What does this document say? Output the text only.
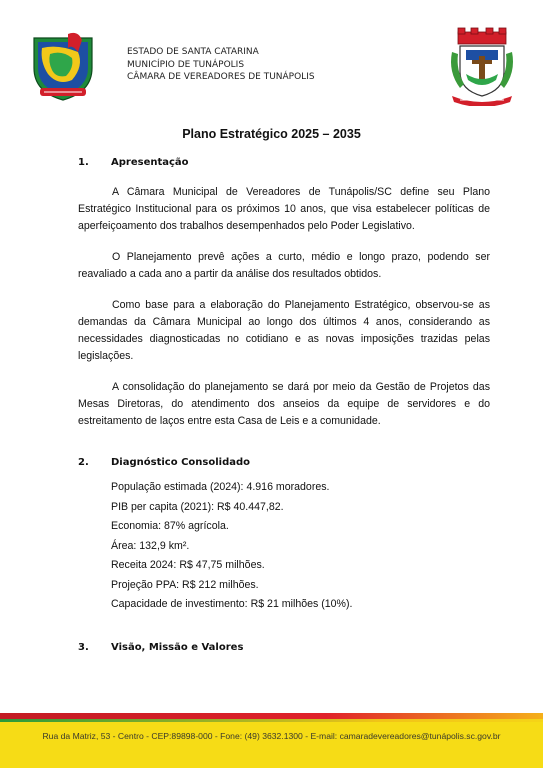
ESTADO DE SANTA CATARINA
MUNICÍPIO DE TUNÁPOLIS
CÂMARA DE VEREADORES DE TUNÁPOLIS
Plano Estratégico 2025 – 2035
1. Apresentação

A Câmara Municipal de Vereadores de Tunápolis/SC define seu Plano Estratégico Institucional para os próximos 10 anos, que visa estabelecer políticas de aperfeiçoamento dos trabalhos desempenhados pelo Poder Legislativo.

O Planejamento prevê ações a curto, médio e longo prazo, podendo ser reavaliado a cada ano a partir da análise dos resultados obtidos.

Como base para a elaboração do Planejamento Estratégico, observou-se as demandas da Câmara Municipal ao longo dos últimos 4 anos, considerando as necessidades diagnosticadas no cotidiano e as novas imposições trazidas pelas legislações.

A consolidação do planejamento se dará por meio da Gestão de Projetos das Mesas Diretoras, do atendimento dos anseios da equipe de servidores e do estreitamento de laços entre esta Casa de Leis e a comunidade.

2. Diagnóstico Consolidado
População estimada (2024): 4.916 moradores.
PIB per capita (2021): R$ 40.447,82.
Economia: 87% agrícola.
Área: 132,9 km².
Receita 2024: R$ 47,75 milhões.
Projeção PPA: R$ 212 milhões.
Capacidade de investimento: R$ 21 milhões (10%).
3. Visão, Missão e Valores
Rua da Matriz, 53 - Centro - CEP:89898-000 - Fone: (49) 3632.1300 - E-mail: camaradevereadores@tunápolis.sc.gov.br
